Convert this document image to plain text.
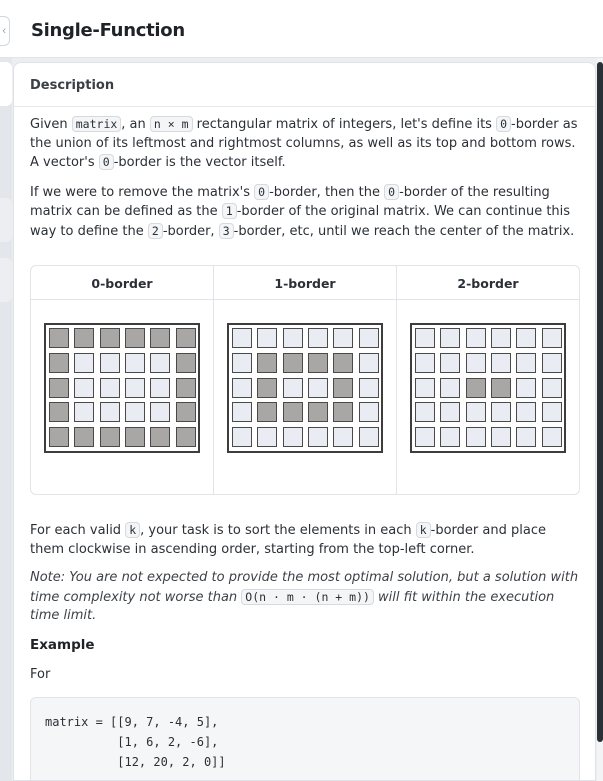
‹ Single-Function
Description

Given matrix , an n × m rectangular matrix of integers, let's define its 0 -border as the union of its leftmost and rightmost columns, as well as its top and bottom rows. A vector's 0 -border is the vector itself.

If we were to remove the matrix's 0 -border, then the 0 -border of the resulting matrix can be defined as the 1 -border of the original matrix. We can continue this way to define the 2 -border, 3 -border, etc, until we reach the center of the matrix.

0-border	1-border	2-border

For each valid k , your task is to sort the elements in each k -border and place them clockwise in ascending order, starting from the top-left corner.

Note: You are not expected to provide the most optimal solution, but a solution with time complexity not worse than O(n · m · (n + m)) will fit within the execution time limit.

Example
For
matrix = [[9, 7, -4, 5],
[1, 6, 2, -6],
[12, 20, 2, 0]]
